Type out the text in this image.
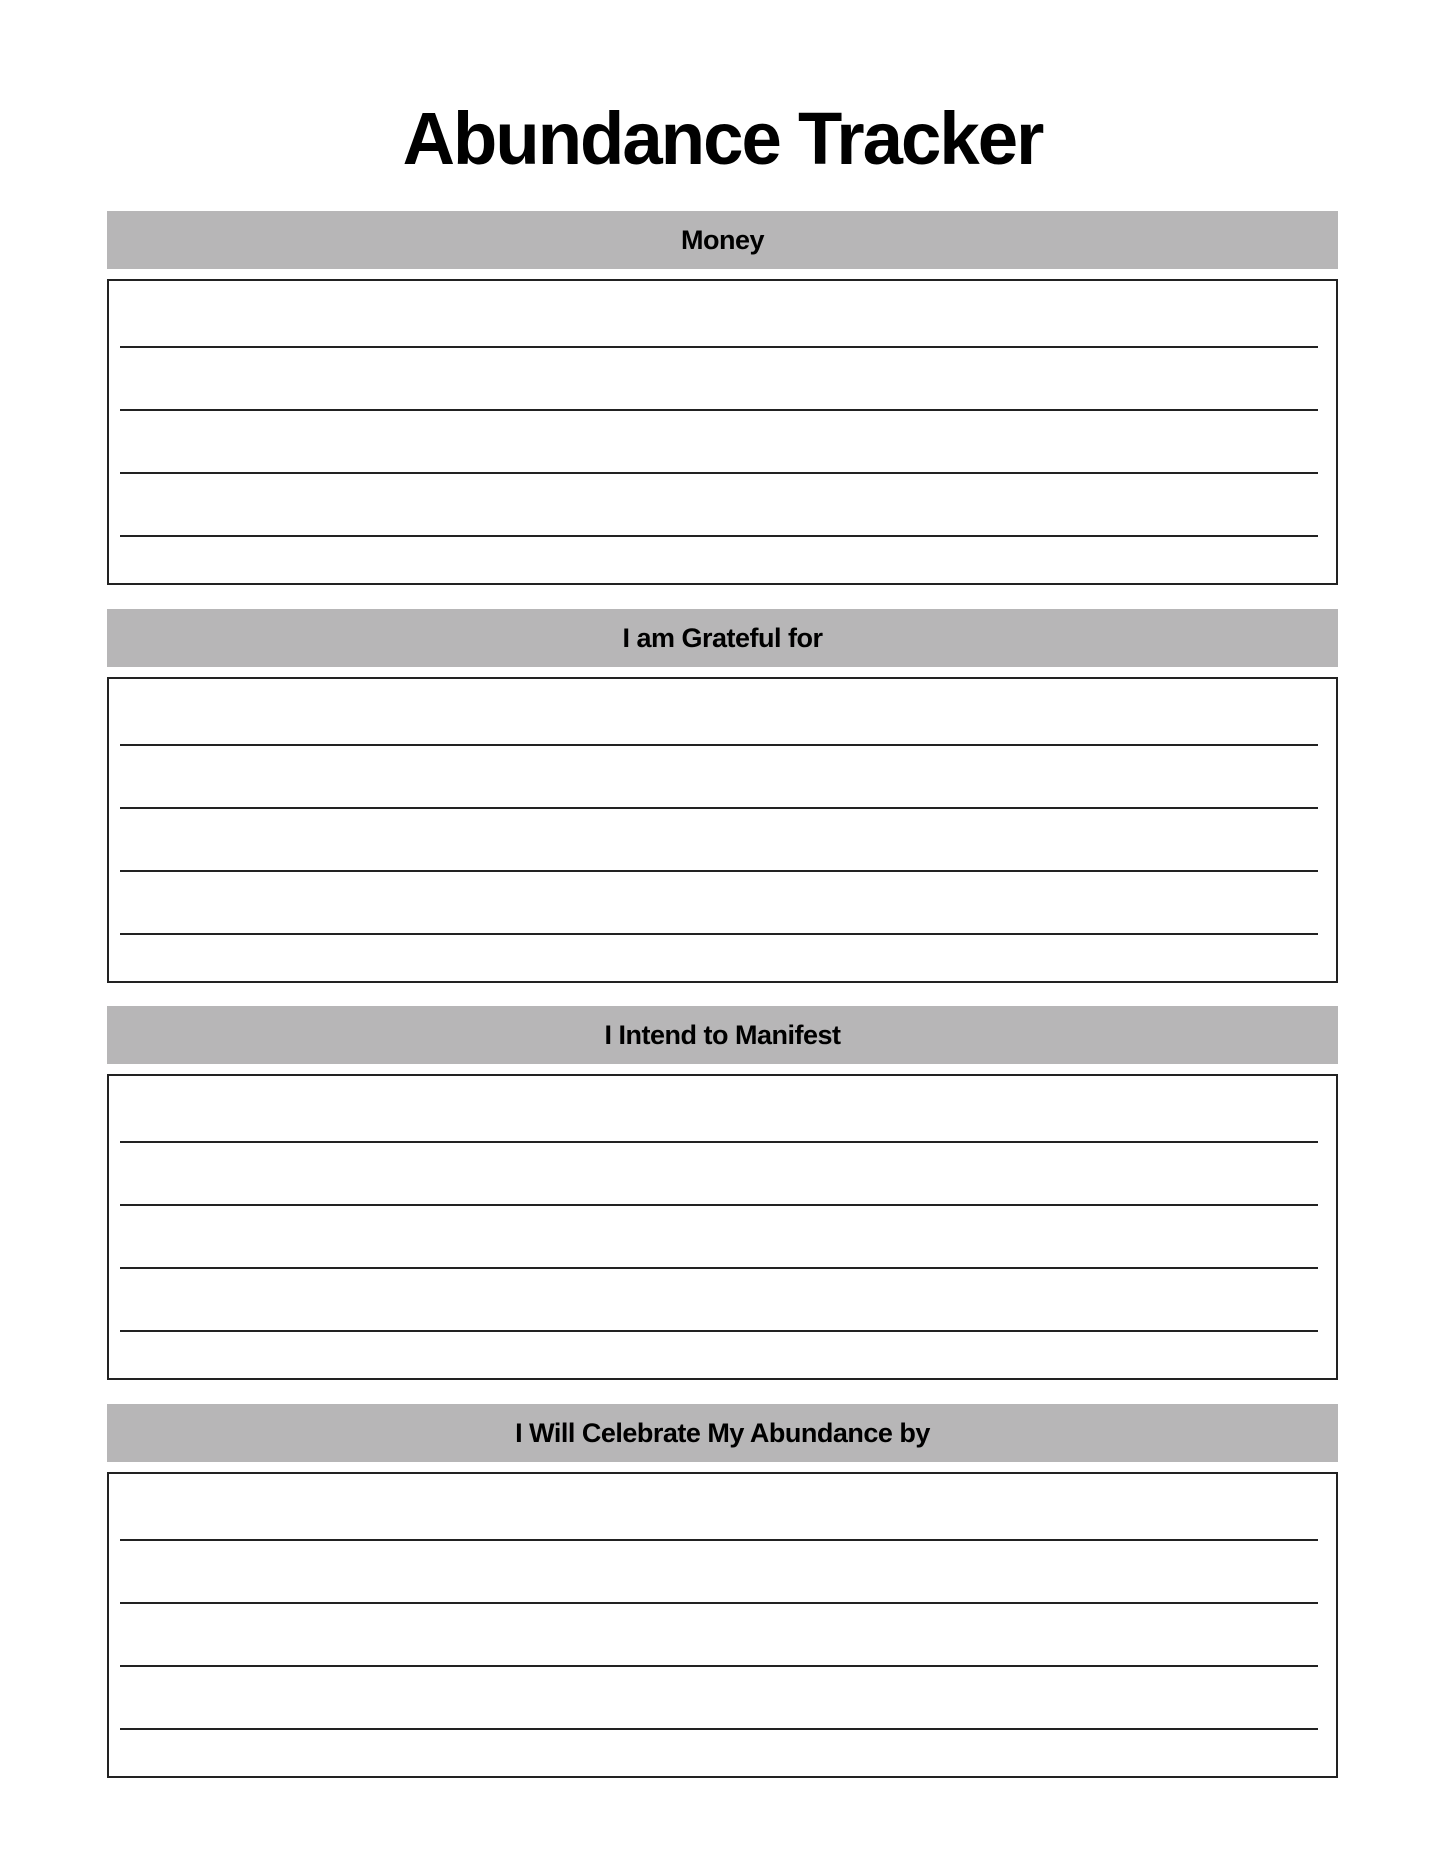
Abundance Tracker
Money
I am Grateful for
I Intend to Manifest
I Will Celebrate My Abundance by
